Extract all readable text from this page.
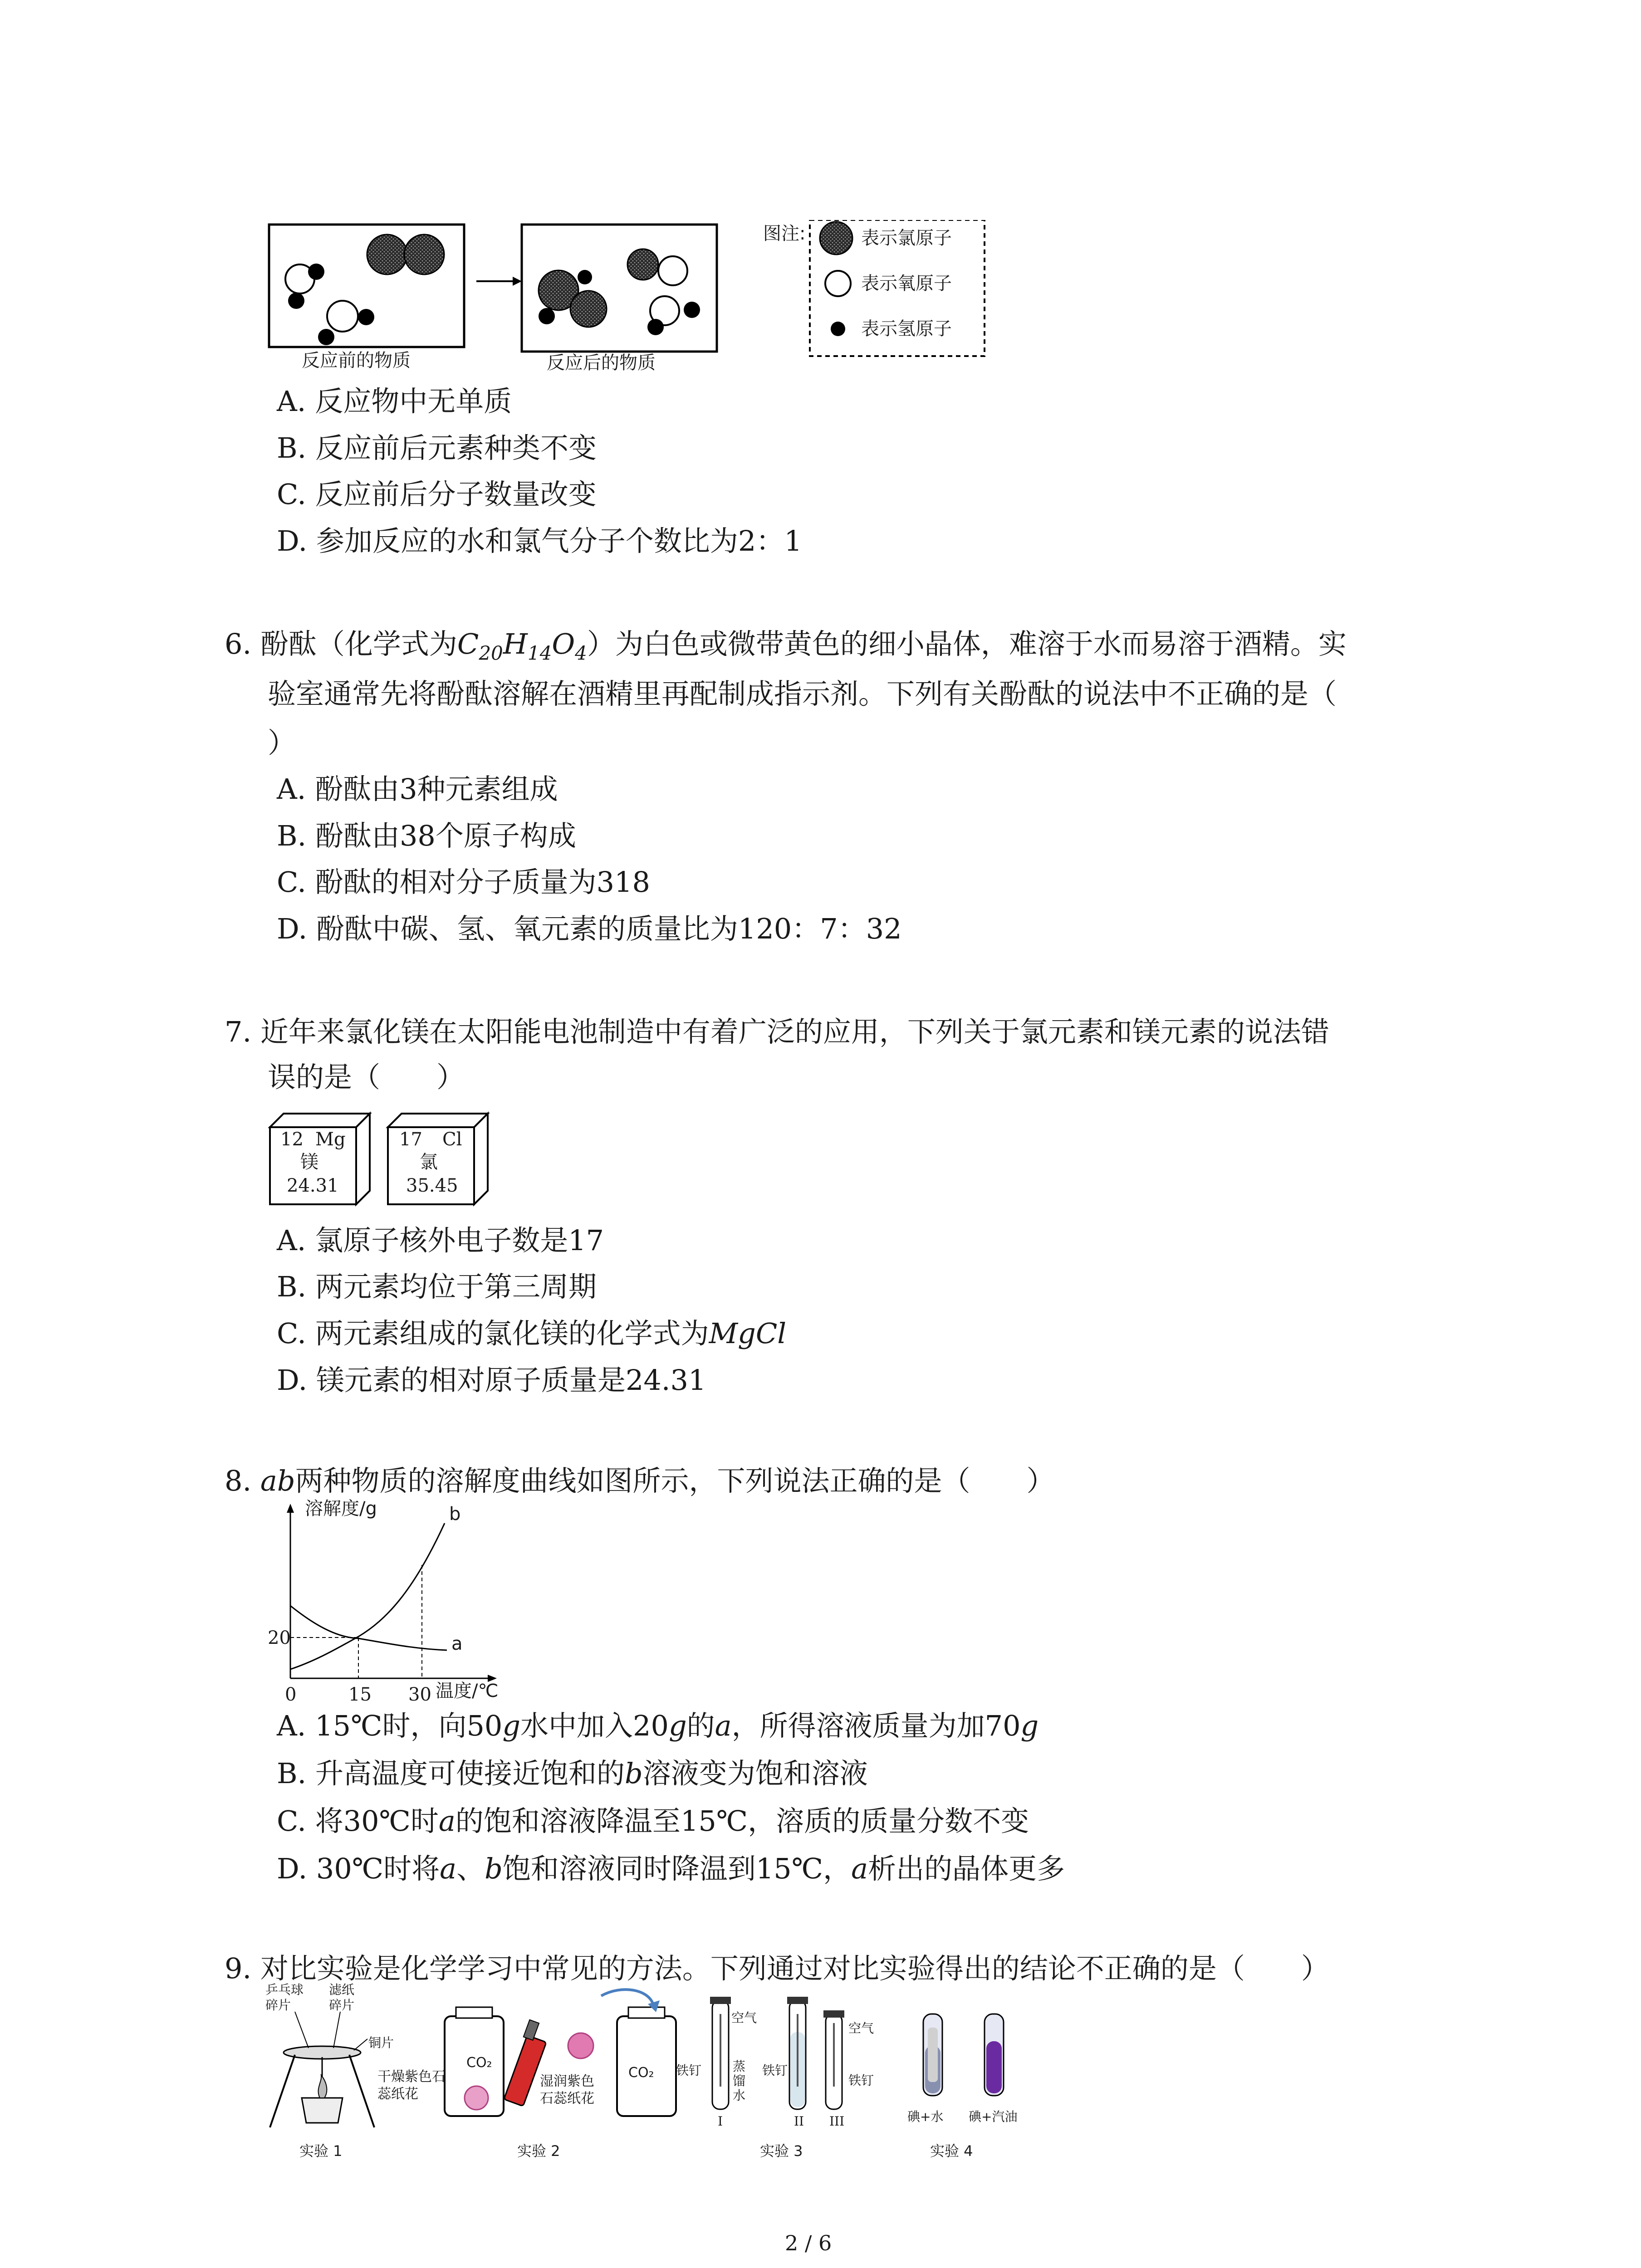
反应前的物质	反应后的物质
图注:	表示氯原子
表示氧原子
表示氢原子
A. 反应物中无单质
B. 反应前后元素种类不变
C. 反应前后分子数量改变
D. 参加反应的水和氯气分子个数比为2：1
6. 酚酞（化学式为$C_{20}H_{14}O_4$）为白色或微带黄色的细小晶体，难溶于水而易溶于酒精。实
验室通常先将酚酞溶解在酒精里再配制成指示剂。下列有关酚酞的说法中不正确的是（
）
A. 酚酞由3种元素组成
B. 酚酞由38个原子构成
C. 酚酞的相对分子质量为318
D. 酚酞中碳、氢、氧元素的质量比为120：7：32
7. 近年来氯化镁在太阳能电池制造中有着广泛的应用，下列关于氯元素和镁元素的说法错
误的是（　　）
12 Mg
镁
24.31
17 Cl
氯
35.45
A. 氯原子核外电子数是17
B. 两元素均位于第三周期
C. 两元素组成的氯化镁的化学式为MgCl
D. 镁元素的相对原子质量是24.31
8. ab两种物质的溶解度曲线如图所示，下列说法正确的是（　　）
溶解度/g	b
a
20
0	15 30 温度/℃
A. 15℃时，向50g水中加入20g的a，所得溶液质量为加70g
B. 升高温度可使接近饱和的b溶液变为饱和溶液
C. 将30℃时a的饱和溶液降温至15℃，溶质的质量分数不变
D. 30℃时将a、b饱和溶液同时降温到15℃，a析出的晶体更多
9. 对比实验是化学学习中常见的方法。下列通过对比实验得出的结论不正确的是（　　）
乒乓球碎片
滤纸碎片
铜片
实验 1
CO₂
CO₂
干燥紫色石蕊纸花
湿润紫色石蕊纸花
实验 2
空气
空气
铁钉	铁钉
铁钉
蒸馏水
I	II III
实验 3
碘+水 碘+汽油
实验 4
2 / 6
